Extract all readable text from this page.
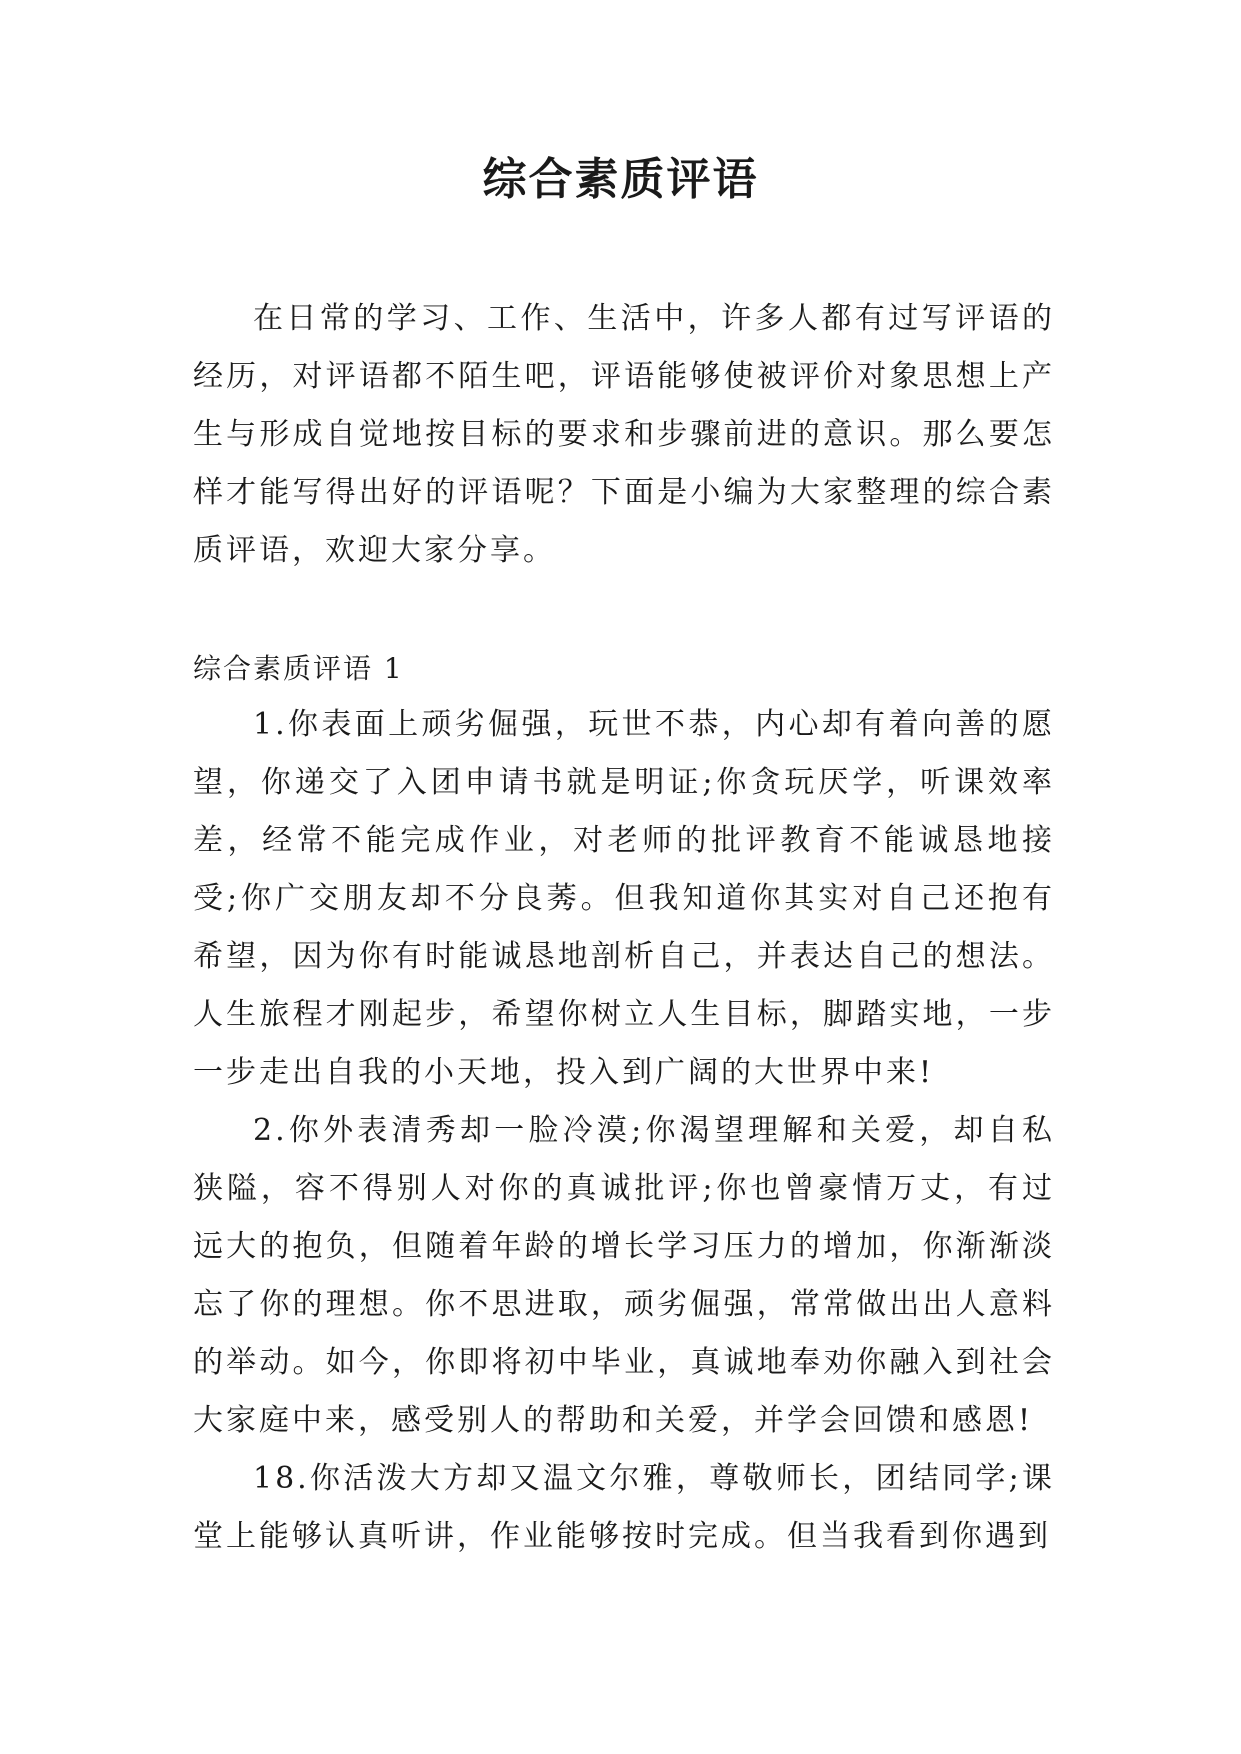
综合素质评语

在日常的学习、工作、生活中，许多人都有过写评语的经历，对评语都不陌生吧，评语能够使被评价对象思想上产生与形成自觉地按目标的要求和步骤前进的意识。那么要怎样才能写得出好的评语呢？下面是小编为大家整理的综合素质评语，欢迎大家分享。

综合素质评语 1

1.你表面上顽劣倔强，玩世不恭，内心却有着向善的愿望，你递交了入团申请书就是明证;你贪玩厌学，听课效率差，经常不能完成作业，对老师的批评教育不能诚恳地接受;你广交朋友却不分良莠。但我知道你其实对自己还抱有希望，因为你有时能诚恳地剖析自己，并表达自己的想法。人生旅程才刚起步，希望你树立人生目标，脚踏实地，一步一步走出自我的小天地，投入到广阔的大世界中来!

2.你外表清秀却一脸冷漠;你渴望理解和关爱，却自私狭隘，容不得别人对你的真诚批评;你也曾豪情万丈，有过远大的抱负，但随着年龄的增长学习压力的增加，你渐渐淡忘了你的理想。你不思进取，顽劣倔强，常常做出出人意料的举动。如今，你即将初中毕业，真诚地奉劝你融入到社会大家庭中来，感受别人的帮助和关爱，并学会回馈和感恩!

18.你活泼大方却又温文尔雅，尊敬师长，团结同学;课堂上能够认真听讲，作业能够按时完成。但当我看到你遇到
